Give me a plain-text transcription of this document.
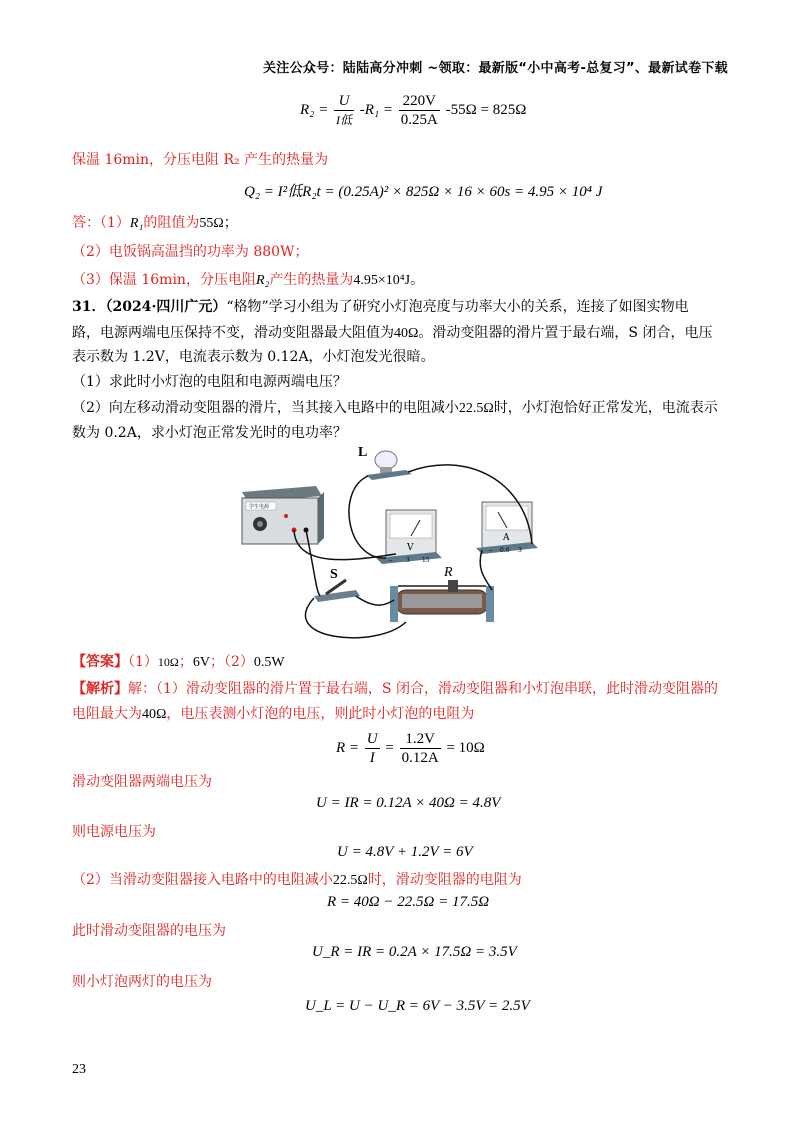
关注公众号：陆陆高分冲刺 ~领取：最新版“小中高考-总复习”、最新试卷下载
$R_2 = \frac{U}{\text{I低}} -R_1 = \frac{220V}{0.25A} -55\Omega = 825\Omega$
保温 16min，分压电阻 R₂ 产生的热量为
Q₂ = I²低R₂t = (0.25A)² × 825Ω × 16 × 60s = 4.95 × 10⁴ J
答：（1）R₁的阻值为55Ω；
（2）电饭锅高温挡的功率为 880W；
（3）保温 16min，分压电阻R₂产生的热量为4.95×10⁴J。
31．（2024·四川广元）“格物”学习小组为了研究小灯泡亮度与功率大小的关系，连接了如图实物电
路，电源两端电压保持不变，滑动变阻器最大阻值为40Ω。滑动变阻器的滑片置于最右端，S 闭合，电压
表示数为 1.2V，电流表示数为 0.12A，小灯泡发光很暗。
（1）求此时小灯泡的电阻和电源两端电压？
（2）向左移动滑动变阻器的滑片，当其接入电路中的电阻减小22.5Ω时，小灯泡恰好正常发光，电流表示
数为 0.2A，求小灯泡正常发光时的电功率？
学生电源
L
V
− 3 15
A
− 0.6 3
S	R
【答案】（1）10Ω；6V；（2）0.5W
【解析】解：（1）滑动变阻器的滑片置于最右端，S 闭合，滑动变阻器和小灯泡串联，此时滑动变阻器的
电阻最大为40Ω，电压表测小灯泡的电压，则此时小灯泡的电阻为
$R = \frac{U}{I} = \frac{1.2V}{0.12A} = 10\Omega$
滑动变阻器两端电压为
U = IR = 0.12A × 40Ω = 4.8V
则电源电压为
U = 4.8V + 1.2V = 6V
（2）当滑动变阻器接入电路中的电阻减小22.5Ω时，滑动变阻器的电阻为
R = 40Ω − 22.5Ω = 17.5Ω
此时滑动变阻器的电压为
U_R = IR = 0.2A × 17.5Ω = 3.5V
则小灯泡两灯的电压为
U_L = U − U_R = 6V − 3.5V = 2.5V
23
